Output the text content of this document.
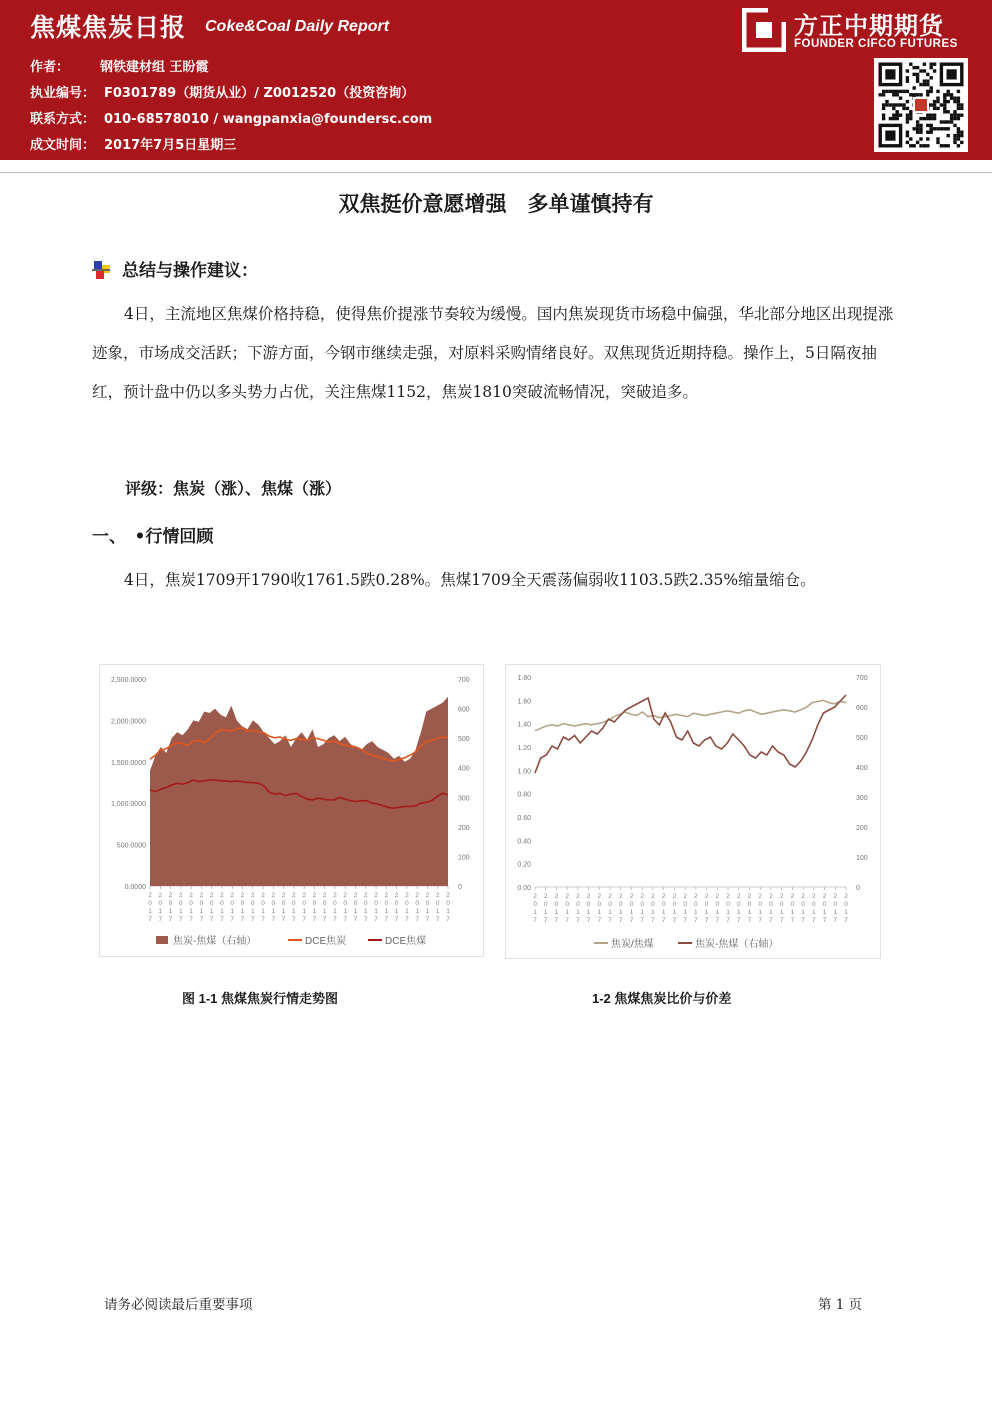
焦煤焦炭日报 Coke&Coal Daily Report
作者： 钢铁建材组 王盼霞
执业编号： F0301789（期货从业）/ Z0012520（投资咨询）
联系方式： 010-68578010 / wangpanxia@foundersc.com
成文时间： 2017年7月5日星期三
方正中期期货
FOUNDER CIFCO FUTURES
双焦挺价意愿增强　多单谨慎持有
总结与操作建议：
4日，主流地区焦煤价格持稳，使得焦价提涨节奏较为缓慢。国内焦炭现货市场稳中偏强，华北部分地区出现提涨迹象，市场成交活跃；下游方面，今钢市继续走强，对原料采购情绪良好。双焦现货近期持稳。操作上，5日隔夜抽红，预计盘中仍以多头势力占优，关注焦煤1152，焦炭1810突破流畅情况，突破追多。
评级：焦炭（涨）、焦煤（涨）
一、　•行情回顾
4日，焦炭1709开1790收1761.5跌0.28%。焦煤1709全天震荡偏弱收1103.5跌2.35%缩量缩仓。
0.0000
500.0000
1,000.0000
1,500.0000
2,000.0000
2,500.0000
0
100
200
300
400
500
600
700
2
0
1
7
2
0
1
7
2
0
1
7
2
0
1
7
2
0
1
7
2
0
1
7
2
0
1
7
2
0
1
7
2
0
1
7
2
0
1
7
2
0
1
7
2
0
1
7
2
0
1
7
2
0
1
7
2
0
1
7
2
0
1
7
2
0
1
7
2
0
1
7
2
0
1
7
2
0
1
7
2
0
1
7
2
0
1
7
2
0
1
7
2
0
1
7
2
0
1
7
2
0
1
7
2
0
1
7
2
0
1
7
2
0
1
7
2
0
1
7
焦炭-焦煤（右轴）	DCE焦炭	DCE焦煤
0.00
0.20
0.40
0.60
0.80
1.00
1.20
1.40
1.60
1.80
0
100
200
300
400
500
600
700
2
0
1
7
2
0
1
7
2
0
1
7
2
0
1
7
2
0
1
7
2
0
1
7
2
0
1
7
2
0
1
7
2
0
1
7
2
0
1
7
2
0
1
7
2
0
1
7
2
0
1
7
2
0
1
7
2
0
1
7
2
0
1
7
2
0
1
7
2
0
1
7
2
0
1
7
2
0
1
7
2
0
1
7
2
0
1
7
2
0
1
7
2
0
1
7
2
0
1
7
2
0
1
7
2
0
1
7
2
0
1
7
2
0
1
7
2
0
1
7
焦炭/焦煤	焦炭-焦煤（右轴）
图 1-1 焦煤焦炭行情走势图	1-2 焦煤焦炭比价与价差
请务必阅读最后重要事项	第 1 页
